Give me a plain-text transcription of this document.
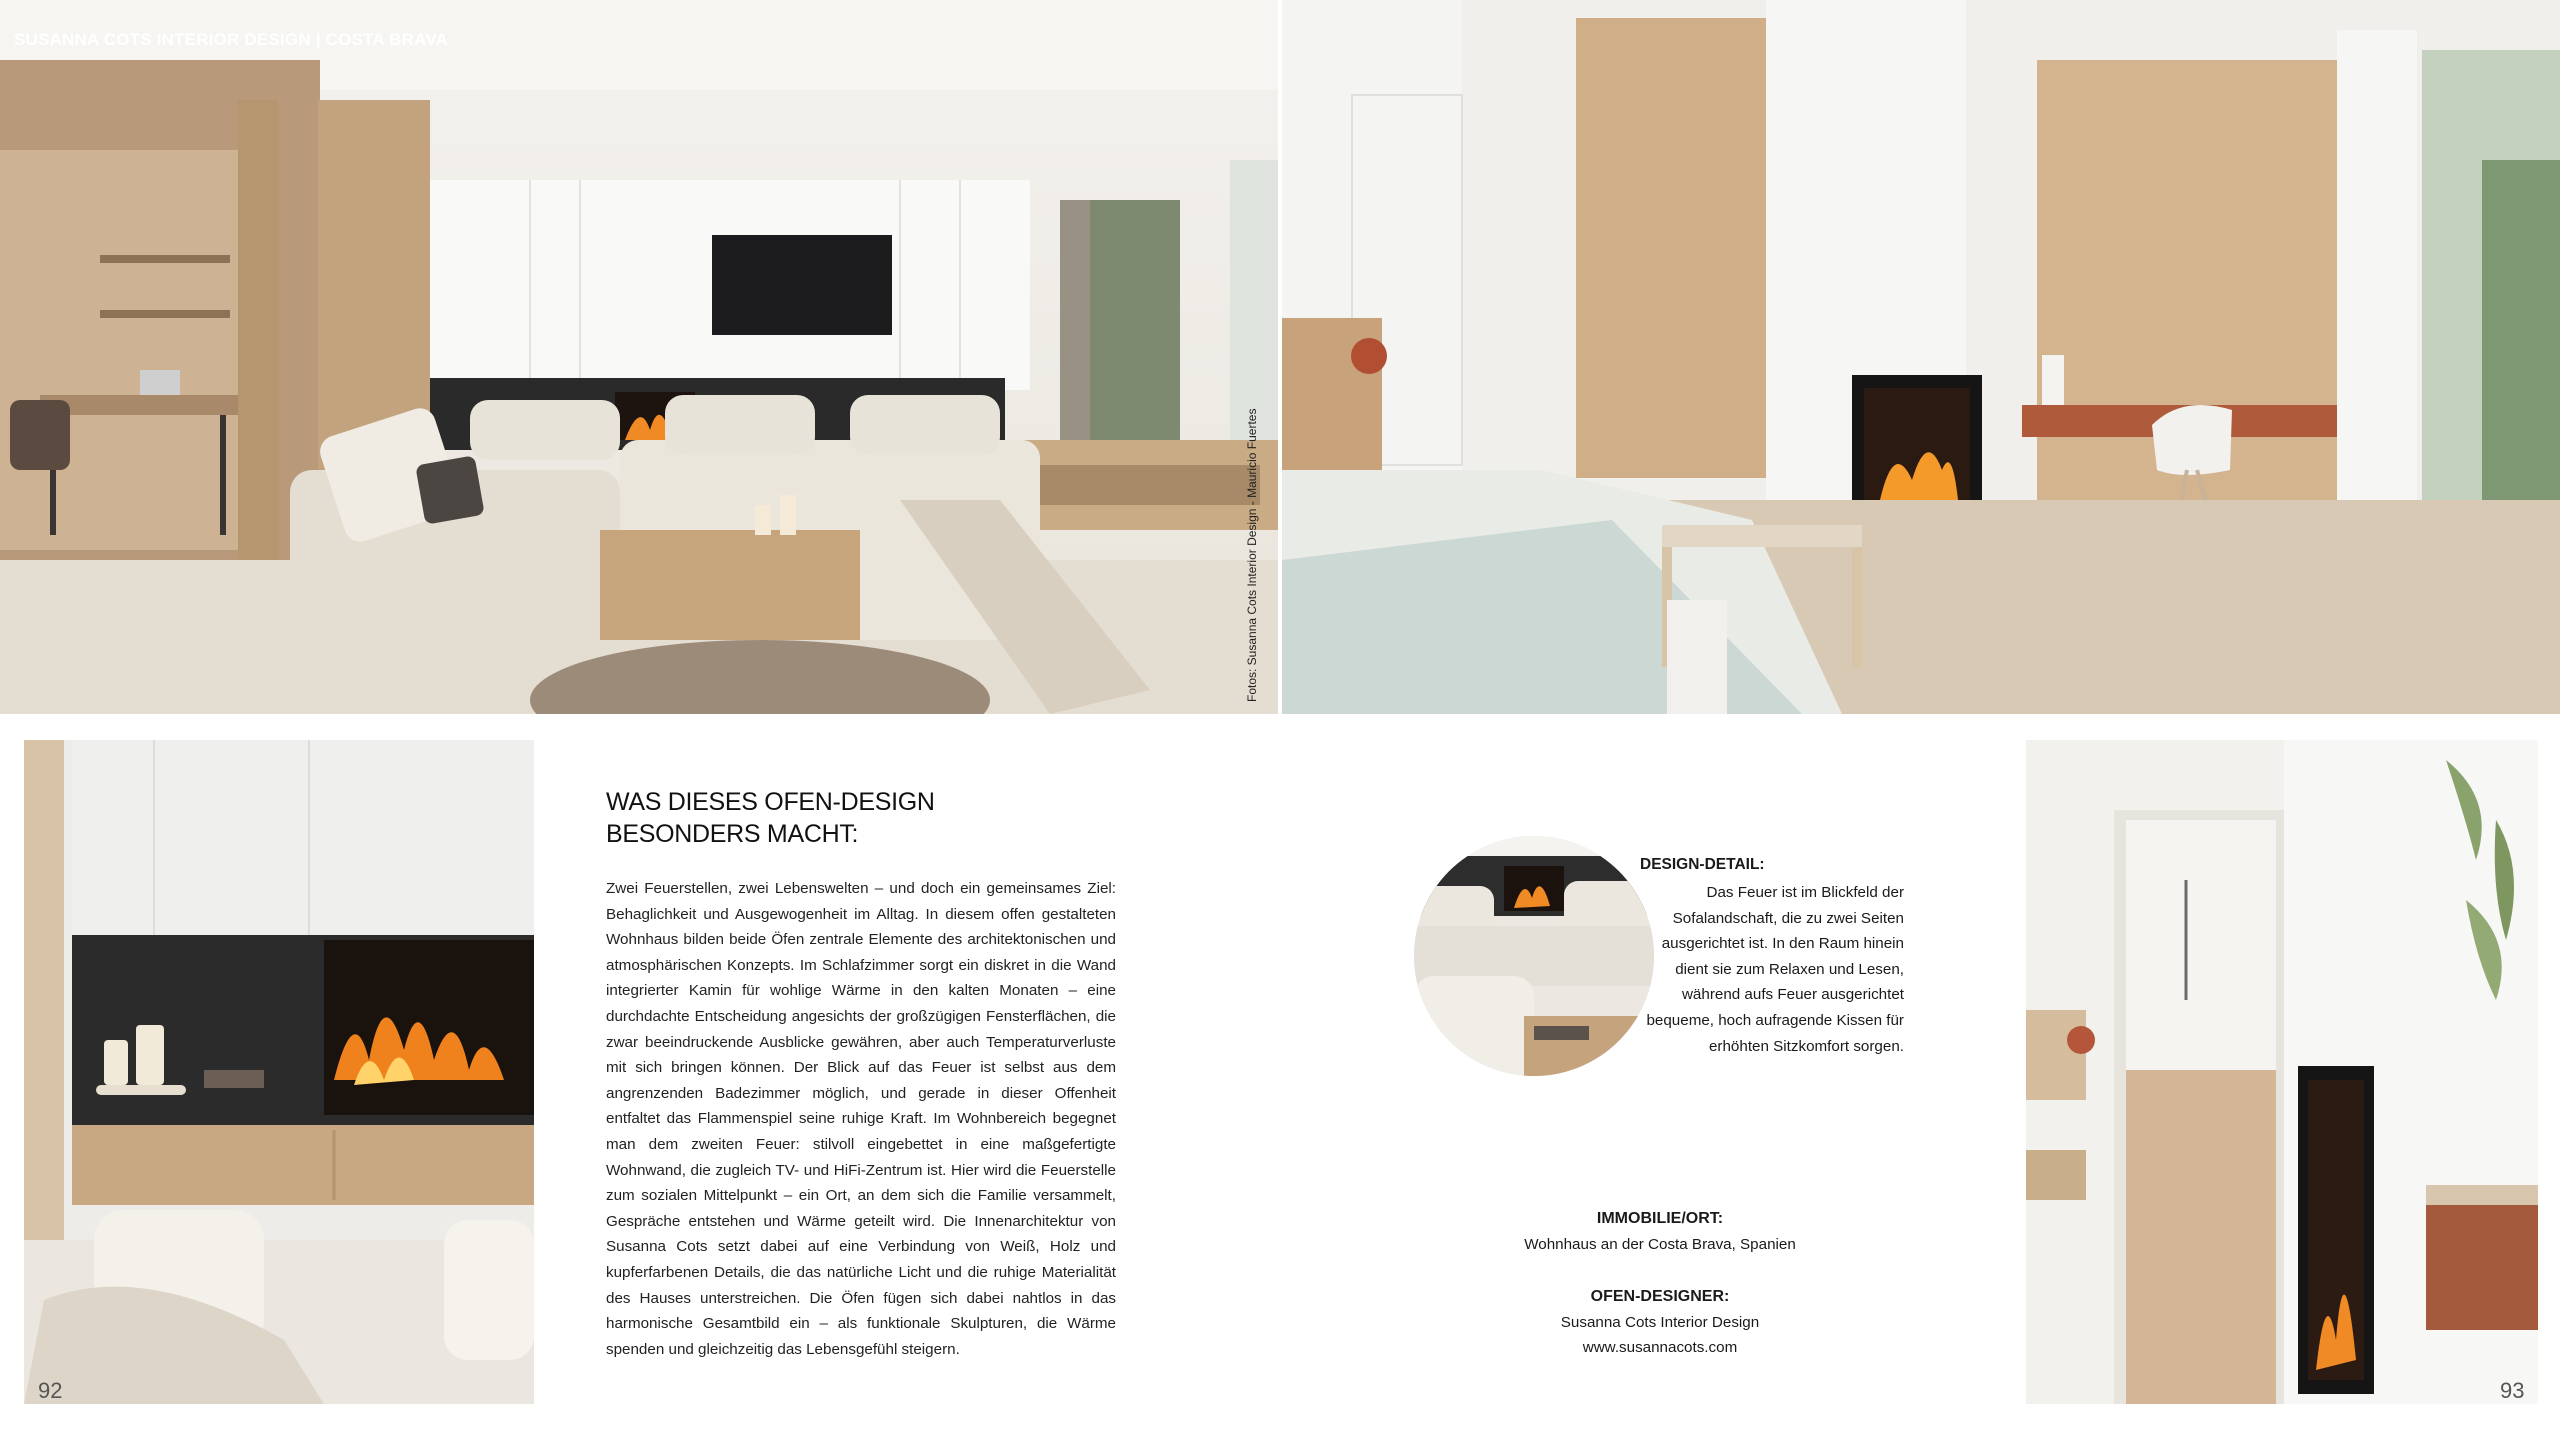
SUSANNA COTS INTERIOR DESIGN | COSTA BRAVA
Fotos: Susanna Cots Interior Design - Mauricio Fuertes
WAS DIESES OFEN-DESIGN
BESONDERS MACHT:
Zwei Feuerstellen, zwei Lebenswelten – und doch ein gemeinsames Ziel: Behaglichkeit und Ausgewogenheit im Alltag. In diesem offen gestalteten Wohnhaus bilden beide Öfen zentrale Elemente des architektonischen und atmosphärischen Konzepts. Im Schlafzimmer sorgt ein diskret in die Wand integrierter Kamin für wohlige Wärme in den kalten Monaten – eine durchdachte Entscheidung angesichts der großzügigen Fensterflächen, die zwar beeindruckende Ausblicke gewähren, aber auch Temperaturverluste mit sich bringen können. Der Blick auf das Feuer ist selbst aus dem angrenzenden Badezimmer möglich, und gerade in dieser Offenheit entfaltet das Flammenspiel seine ruhige Kraft. Im Wohnbereich begegnet man dem zweiten Feuer: stilvoll eingebettet in eine maßgefertigte Wohnwand, die zugleich TV- und HiFi-Zentrum ist. Hier wird die Feuerstelle zum sozialen Mittelpunkt – ein Ort, an dem sich die Familie versammelt, Gespräche entstehen und Wärme geteilt wird. Die Innenarchitektur von Susanna Cots setzt dabei auf eine Verbindung von Weiß, Holz und kupferfarbenen Details, die das natürliche Licht und die ruhige Materialität des Hauses unterstreichen. Die Öfen fügen sich dabei nahtlos in das harmonische Gesamtbild ein – als funktionale Skulpturen, die Wärme spenden und gleichzeitig das Lebensgefühl steigern.
DESIGN-DETAIL:
Das Feuer ist im Blickfeld der Sofalandschaft, die zu zwei Seiten ausgerichtet ist. In den Raum hinein dient sie zum Relaxen und Lesen, während aufs Feuer ausgerichtet bequeme, hoch aufragende Kissen für erhöhten Sitzkomfort sorgen.
IMMOBILIE/ORT:
Wohnhaus an der Costa Brava, Spanien
OFEN-DESIGNER:
Susanna Cots Interior Design
www.susannacots.com
92	93
